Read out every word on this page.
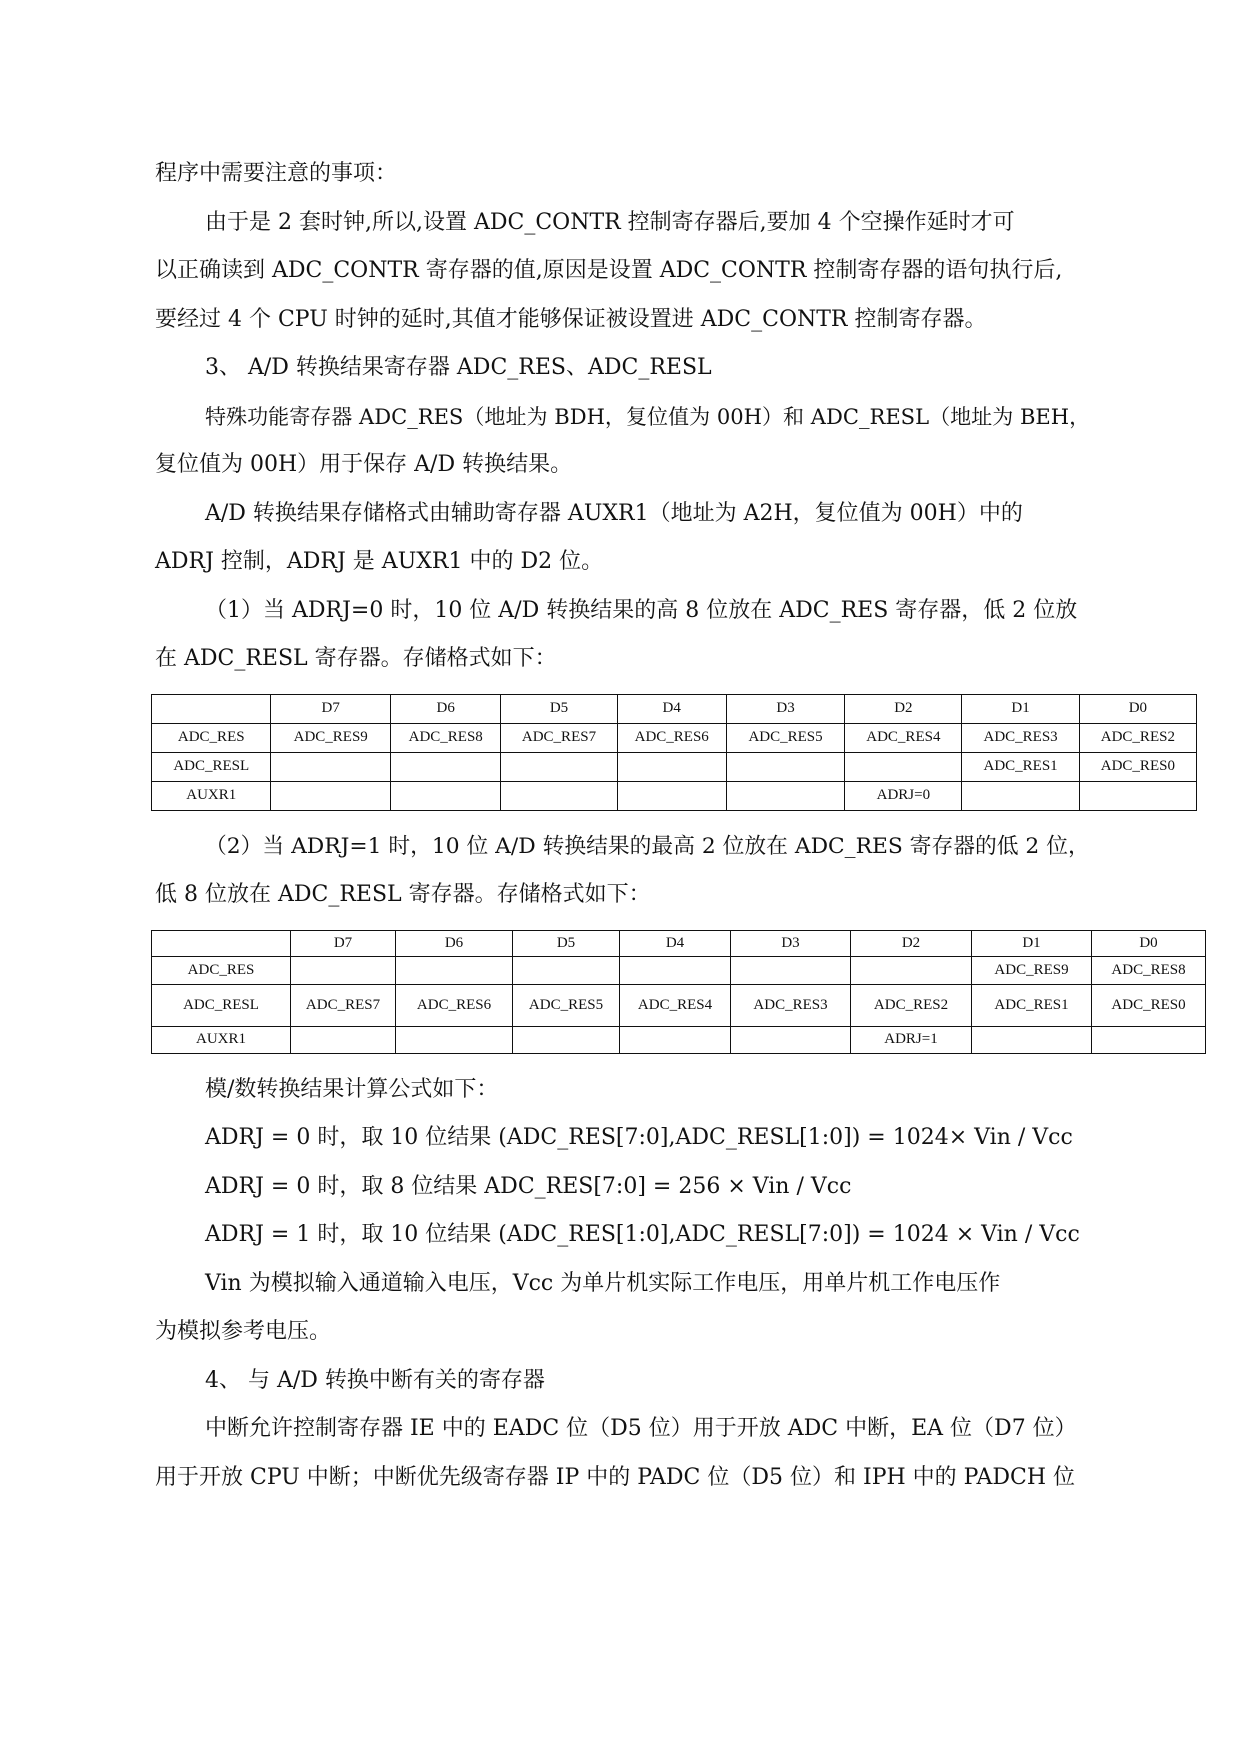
程序中需要注意的事项：

由于是 2 套时钟,所以,设置 ADC_CONTR 控制寄存器后,要加 4 个空操作延时才可

以正确读到 ADC_CONTR 寄存器的值,原因是设置 ADC_CONTR 控制寄存器的语句执行后,

要经过 4 个 CPU 时钟的延时,其值才能够保证被设置进 ADC_CONTR 控制寄存器。

3、 A/D 转换结果寄存器 ADC_RES、ADC_RESL

特殊功能寄存器 ADC_RES（地址为 BDH，复位值为 00H）和 ADC_RESL（地址为 BEH，

复位值为 00H）用于保存 A/D 转换结果。

A/D 转换结果存储格式由辅助寄存器 AUXR1（地址为 A2H，复位值为 00H）中的

ADRJ 控制，ADRJ 是 AUXR1 中的 D2 位。

（1）当 ADRJ=0 时，10 位 A/D 转换结果的高 8 位放在 ADC_RES 寄存器，低 2 位放

在 ADC_RESL 寄存器。存储格式如下：

	D7	D6	D5	D4	D3	D2	D1	D0
ADC_RES	ADC_RES9	ADC_RES8	ADC_RES7	ADC_RES6	ADC_RES5	ADC_RES4	ADC_RES3	ADC_RES2
ADC_RESL							ADC_RES1	ADC_RES0
AUXR1						ADRJ=0		

（2）当 ADRJ=1 时，10 位 A/D 转换结果的最高 2 位放在 ADC_RES 寄存器的低 2 位，

低 8 位放在 ADC_RESL 寄存器。存储格式如下：

	D7	D6	D5	D4	D3	D2	D1	D0
ADC_RES							ADC_RES9	ADC_RES8
ADC_RESL	ADC_RES7	ADC_RES6	ADC_RES5	ADC_RES4	ADC_RES3	ADC_RES2	ADC_RES1	ADC_RES0
AUXR1						ADRJ=1		

模/数转换结果计算公式如下：

ADRJ = 0 时，取 10 位结果 (ADC_RES[7:0],ADC_RESL[1:0]) = 1024× Vin / Vcc

ADRJ = 0 时，取 8 位结果 ADC_RES[7:0] = 256 × Vin / Vcc

ADRJ = 1 时，取 10 位结果 (ADC_RES[1:0],ADC_RESL[7:0]) = 1024 × Vin / Vcc

Vin 为模拟输入通道输入电压，Vcc 为单片机实际工作电压，用单片机工作电压作

为模拟参考电压。

4、 与 A/D 转换中断有关的寄存器

中断允许控制寄存器 IE 中的 EADC 位（D5 位）用于开放 ADC 中断，EA 位（D7 位）

用于开放 CPU 中断；中断优先级寄存器 IP 中的 PADC 位（D5 位）和 IPH 中的 PADCH 位
